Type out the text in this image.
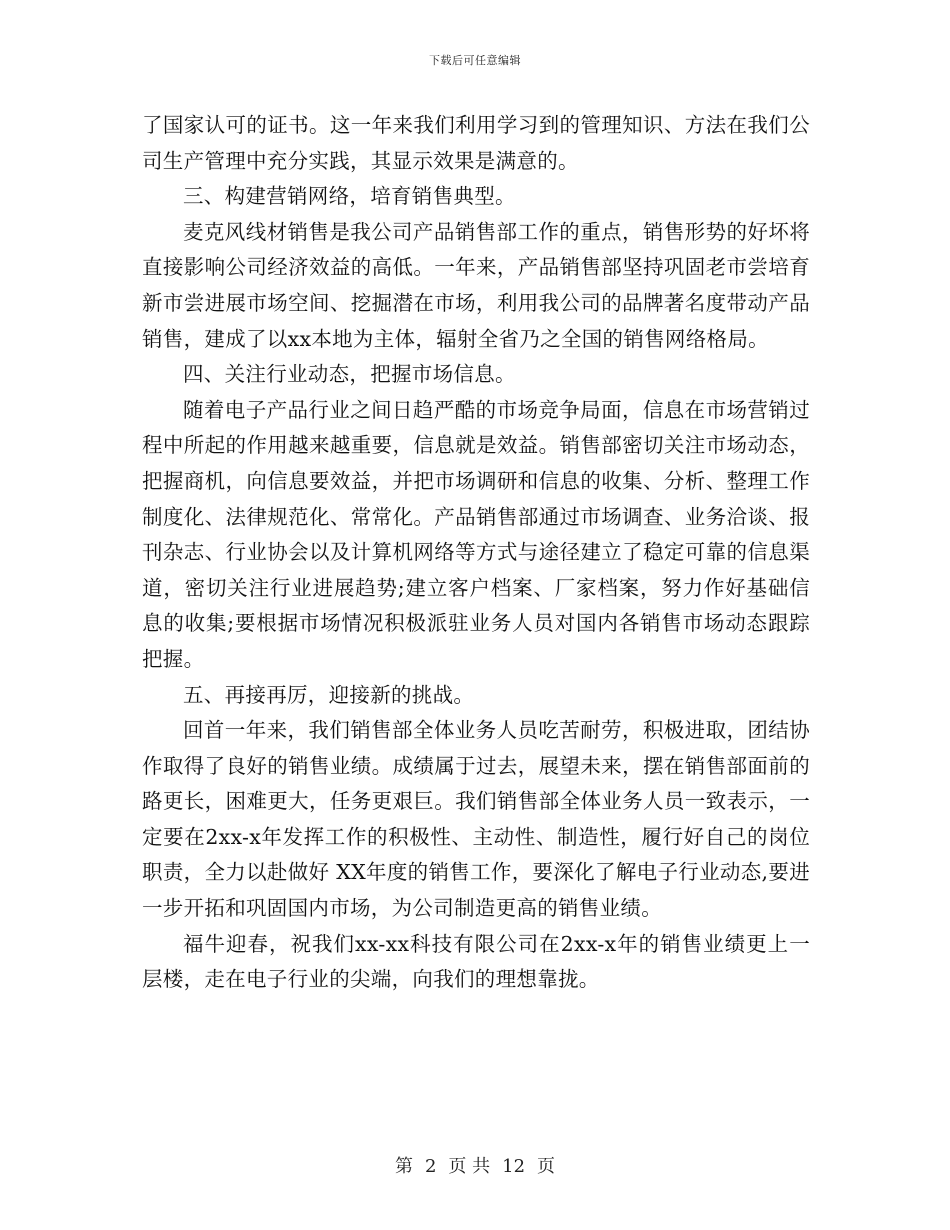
下载后可任意编辑

了国家认可的证书。这一年来我们利用学习到的管理知识、方法在我们公司生产管理中充分实践，其显示效果是满意的。

三、构建营销网络，培育销售典型。

麦克风线材销售是我公司产品销售部工作的重点，销售形势的好坏将直接影响公司经济效益的高低。一年来，产品销售部坚持巩固老市尝培育新市尝进展市场空间、挖掘潜在市场，利用我公司的品牌著名度带动产品销售，建成了以xx本地为主体，辐射全省乃之全国的销售网络格局。

四、关注行业动态，把握市场信息。

随着电子产品行业之间日趋严酷的市场竞争局面，信息在市场营销过程中所起的作用越来越重要，信息就是效益。销售部密切关注市场动态，把握商机，向信息要效益，并把市场调研和信息的收集、分析、整理工作制度化、法律规范化、常常化。产品销售部通过市场调查、业务洽谈、报刊杂志、行业协会以及计算机网络等方式与途径建立了稳定可靠的信息渠道，密切关注行业进展趋势;建立客户档案、厂家档案，努力作好基础信息的收集;要根据市场情况积极派驻业务人员对国内各销售市场动态跟踪把握。

五、再接再厉，迎接新的挑战。

回首一年来，我们销售部全体业务人员吃苦耐劳，积极进取，团结协作取得了良好的销售业绩。成绩属于过去，展望未来，摆在销售部面前的路更长，困难更大，任务更艰巨。我们销售部全体业务人员一致表示，一定要在2xx-x年发挥工作的积极性、主动性、制造性，履行好自己的岗位职责，全力以赴做好 XX年度的销售工作，要深化了解电子行业动态,要进一步开拓和巩固国内市场，为公司制造更高的销售业绩。

福牛迎春，祝我们xx-xx科技有限公司在2xx-x年的销售业绩更上一层楼，走在电子行业的尖端，向我们的理想靠拢。

第 2 页 共 12 页
